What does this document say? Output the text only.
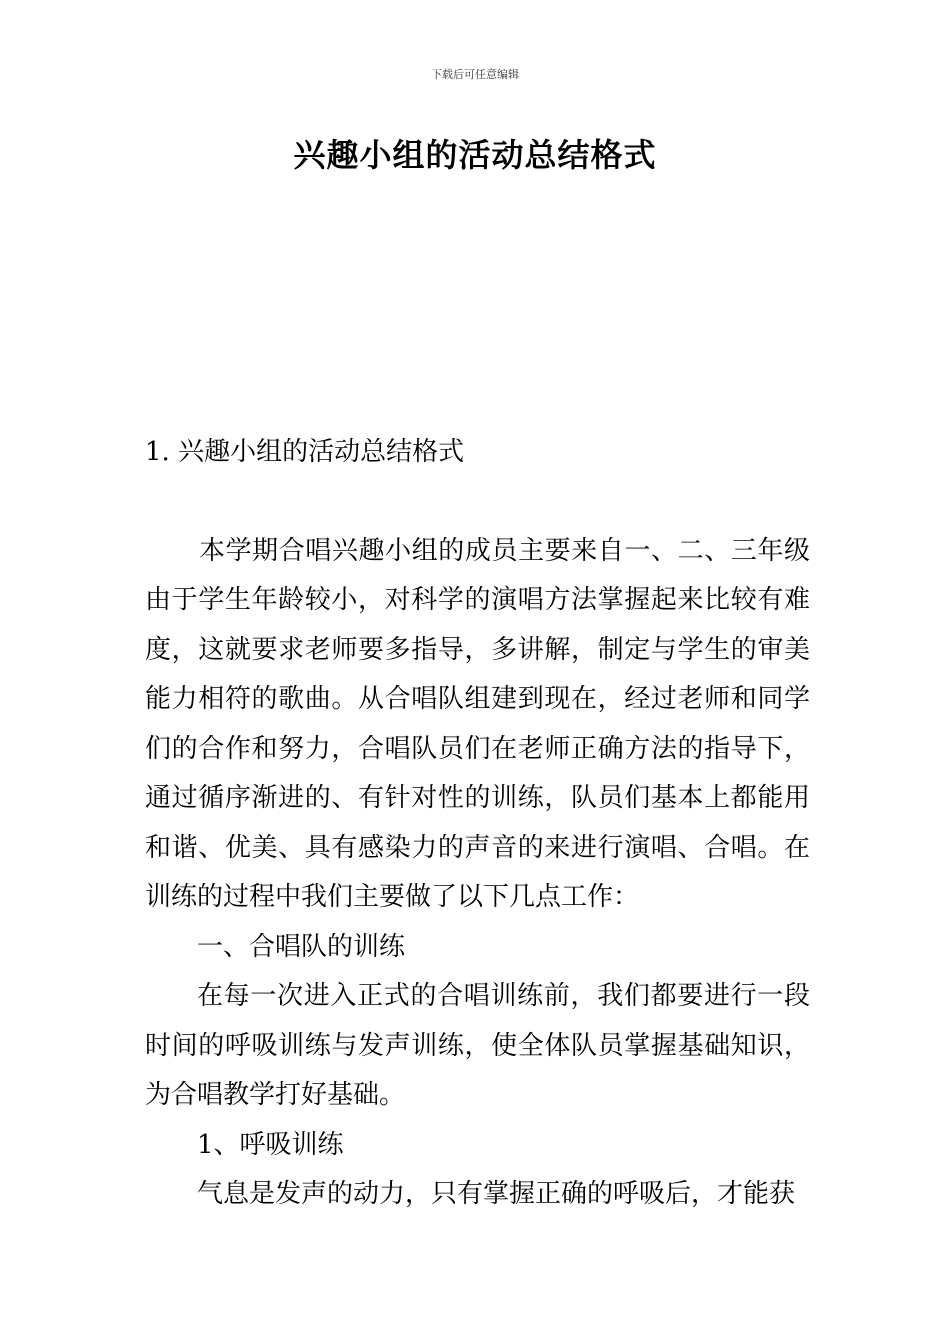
下载后可任意编辑
兴趣小组的活动总结格式

1. 兴趣小组的活动总结格式

本学期合唱兴趣小组的成员主要来自一、二、三年级由于学生年龄较小，对科学的演唱方法掌握起来比较有难度，这就要求老师要多指导，多讲解，制定与学生的审美能力相符的歌曲。从合唱队组建到现在，经过老师和同学们的合作和努力，合唱队员们在老师正确方法的指导下，通过循序渐进的、有针对性的训练，队员们基本上都能用和谐、优美、具有感染力的声音的来进行演唱、合唱。在训练的过程中我们主要做了以下几点工作：

一、合唱队的训练

在每一次进入正式的合唱训练前，我们都要进行一段时间的呼吸训练与发声训练，使全体队员掌握基础知识，为合唱教学打好基础。

1、呼吸训练

气息是发声的动力，只有掌握正确的呼吸后，才能获
